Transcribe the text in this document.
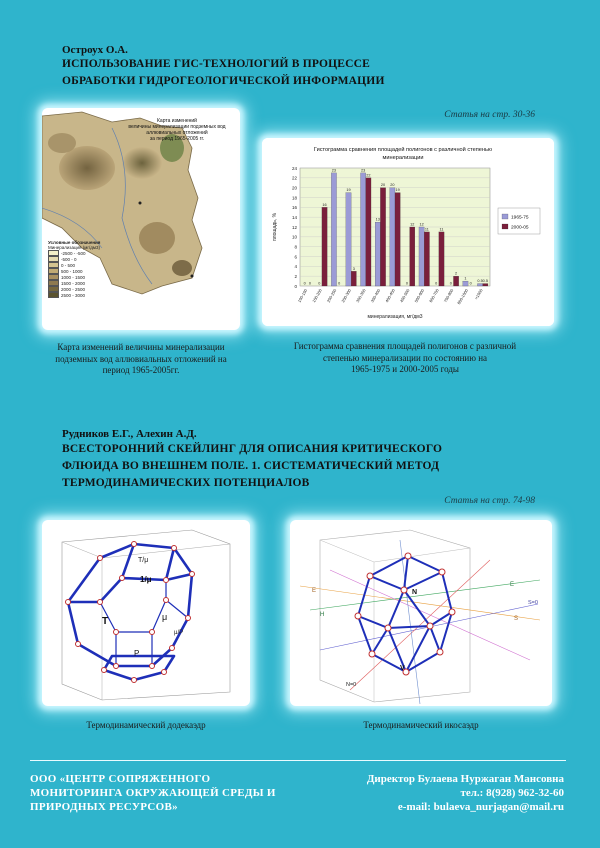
Остроух О.А.
ИСПОЛЬЗОВАНИЕ ГИС-ТЕХНОЛОГИЙ В ПРОЦЕССЕ
ОБРАБОТКИ ГИДРОГЕОЛОГИЧЕСКОЙ ИНФОРМАЦИИ
Статья на стр. 30-36
Карта изменений
величины минерализации подземных вод
аллювиальных отложений
за период 1965-2005 гг.
Условные обозначения
Минерализация (мг/дм3)
-2500 - -500
-500 - 0
0 - 500
500 - 1000
1000 - 1500
1500 - 2000
2000 - 2500
2500 - 3000
Карта изменений величины минерализации
подземных вод аллювиальных отложений на
период 1965-2005гг.
Гистограмма сравнения площадей полигонов с различной степенью
минерализации
0
2
4
6
8
10
12
14
16
18
20
22
24
площадь, %
0 0
100-150
0
16
150-200
23
0
200-250
19
3
250-300
23
22
300-350
13
20
350-400
20
19
400-450
0
12
450-500
12
11
500-600
0
11
600-700
0
2
700-800
1
0
800-1000
0.5 0.5
>1000
минерализация, мг/дм3
1965-75
2000-05
Гистограмма сравнения площадей полигонов с различной
степенью минерализации по состоянию на
1965-1975 и 2000-2005 годы
Рудников Е.Г., Алехин А.Д.
ВСЕСТОРОННИЙ СКЕЙЛИНГ ДЛЯ ОПИСАНИЯ КРИТИЧЕСКОГО
ФЛЮИДА ВО ВНЕШНЕМ ПОЛЕ. 1. СИСТЕМАТИЧЕСКИЙ МЕТОД
ТЕРМОДИНАМИЧЕСКИХ ПОТЕНЦИАЛОВ
Статья на стр. 74-98
T/μ
1/μ
T	μ
P
μ/P
Термодинамический додекаэдр
N
E
V
S
N=0
S=0
E
H
Термодинамический икосаэдр
ООО «ЦЕНТР СОПРЯЖЕННОГО
МОНИТОРИНГА ОКРУЖАЮЩЕЙ СРЕДЫ И
ПРИРОДНЫХ РЕСУРСОВ»
Директор Булаева Нуржаган Мансовна
тел.: 8(928) 962-32-60
e-mail: bulaeva_nurjagan@mail.ru
